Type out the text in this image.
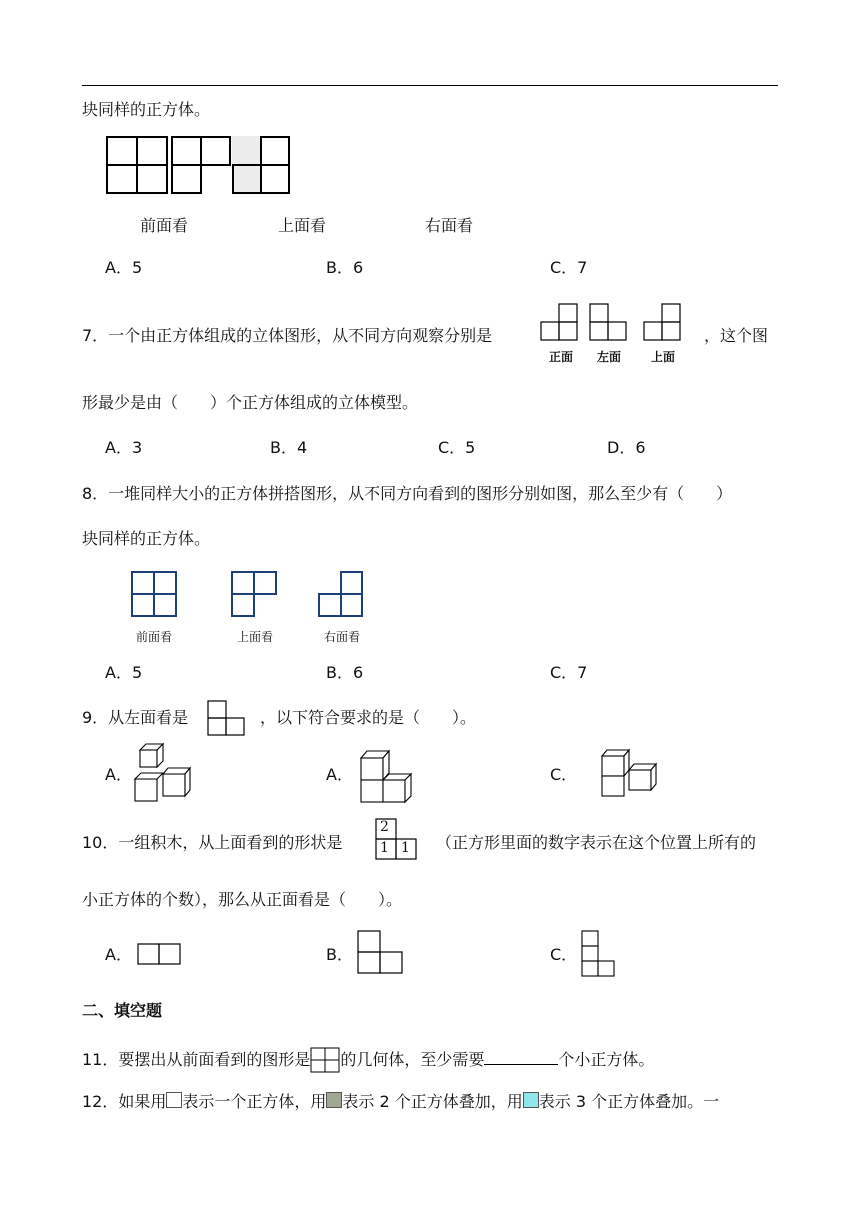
块同样的正方体。
前面看	上面看	右面看
A．5	B．6	C．7
7．一个由正方体组成的立体图形，从不同方向观察分别是
正面 左面 上面
，这个图
形最少是由（　　）个正方体组成的立体模型。
A．3	B．4	C．5	D．6
8．一堆同样大小的正方体拼搭图形，从不同方向看到的图形分别如图，那么至少有（　　）
块同样的正方体。
前面看	上面看	右面看
A．5	B．6	C．7
9．从左面看是	，以下符合要求的是（　　）。
A．	A．	C．
10．一组积木，从上面看到的形状是
2
1 1 （正方形里面的数字表示在这个位置上所有的
小正方体的个数），那么从正面看是（　　）。
A．	B．	C．
二、填空题
11．要摆出从前面看到的图形是 的几何体，至少需要	个小正方体。
12．如果用 表示一个正方体，用 表示 2 个正方体叠加，用 表示 3 个正方体叠加。一
